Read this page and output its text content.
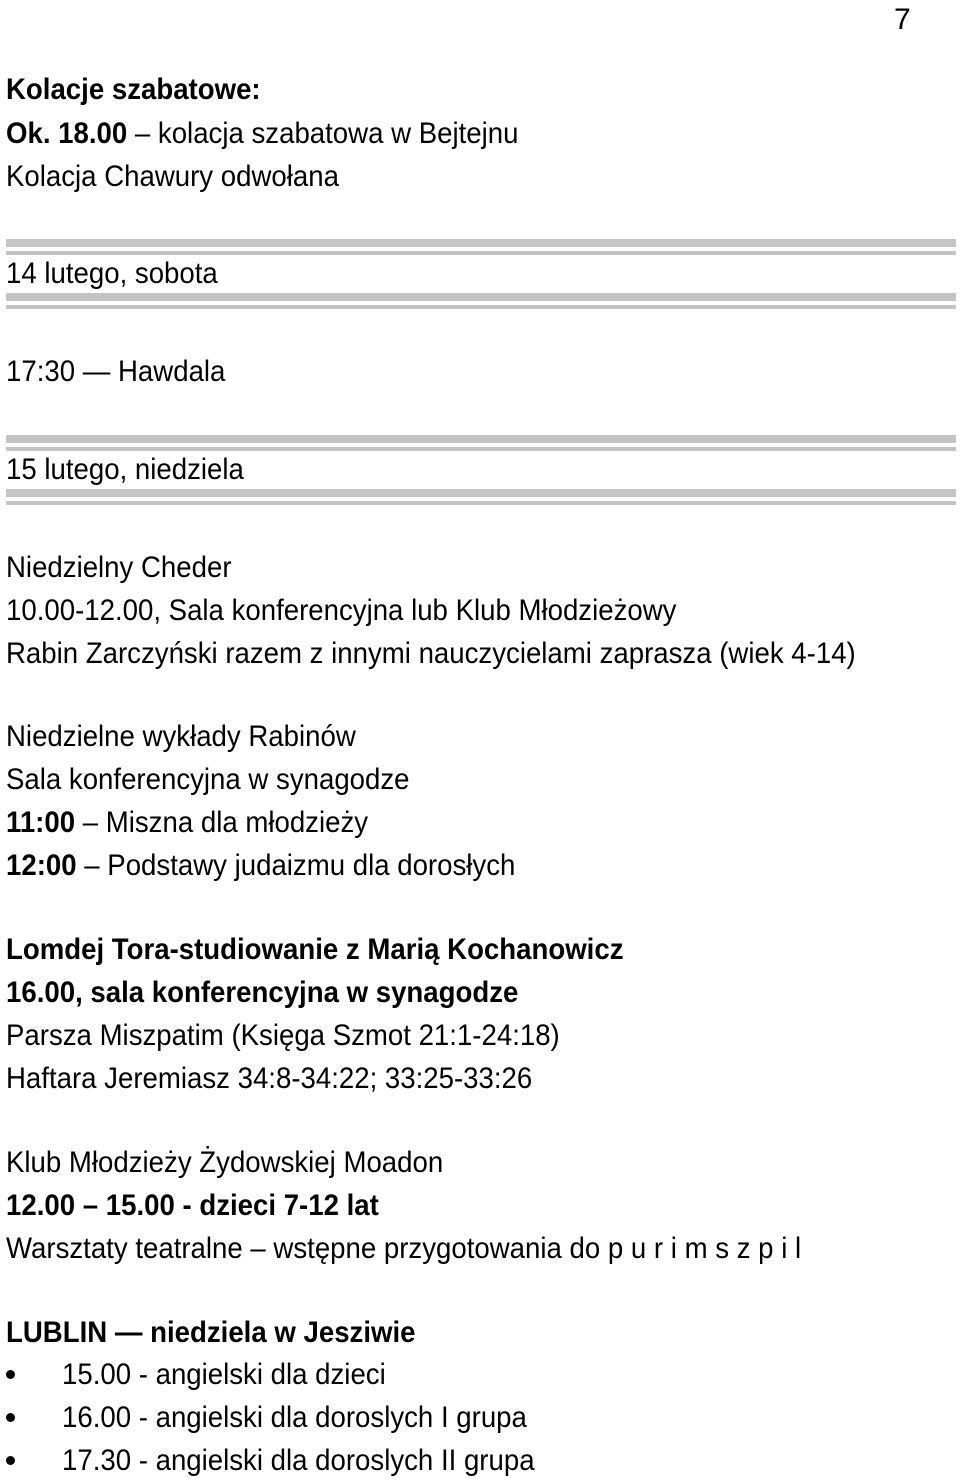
7
Kolacje szabatowe:
Ok. 18.00 – kolacja szabatowa w Bejtejnu
Kolacja Chawury odwołana
14 lutego, sobota
17:30 — Hawdala
15 lutego, niedziela
Niedzielny Cheder
10.00-12.00, Sala konferencyjna lub Klub Młodzieżowy
Rabin Zarczyński razem z innymi nauczycielami zaprasza (wiek 4-14)
Niedzielne wykłady Rabinów
Sala konferencyjna w synagodze
11:00 – Miszna dla młodzieży
12:00 – Podstawy judaizmu dla dorosłych
Lomdej Tora-studiowanie z Marią Kochanowicz
16.00, sala konferencyjna w synagodze
Parsza Miszpatim (Księga Szmot 21:1-24:18)
Haftara Jeremiasz 34:8-34:22; 33:25-33:26
Klub Młodzieży Żydowskiej Moadon
12.00 – 15.00 - dzieci 7-12 lat
Warsztaty teatralne – wstępne przygotowania do p u r i m s z p i l
LUBLIN — niedziela w Jesziwie
15.00 - angielski dla dzieci
16.00 - angielski dla doroslych I grupa
17.30 - angielski dla doroslych II grupa
